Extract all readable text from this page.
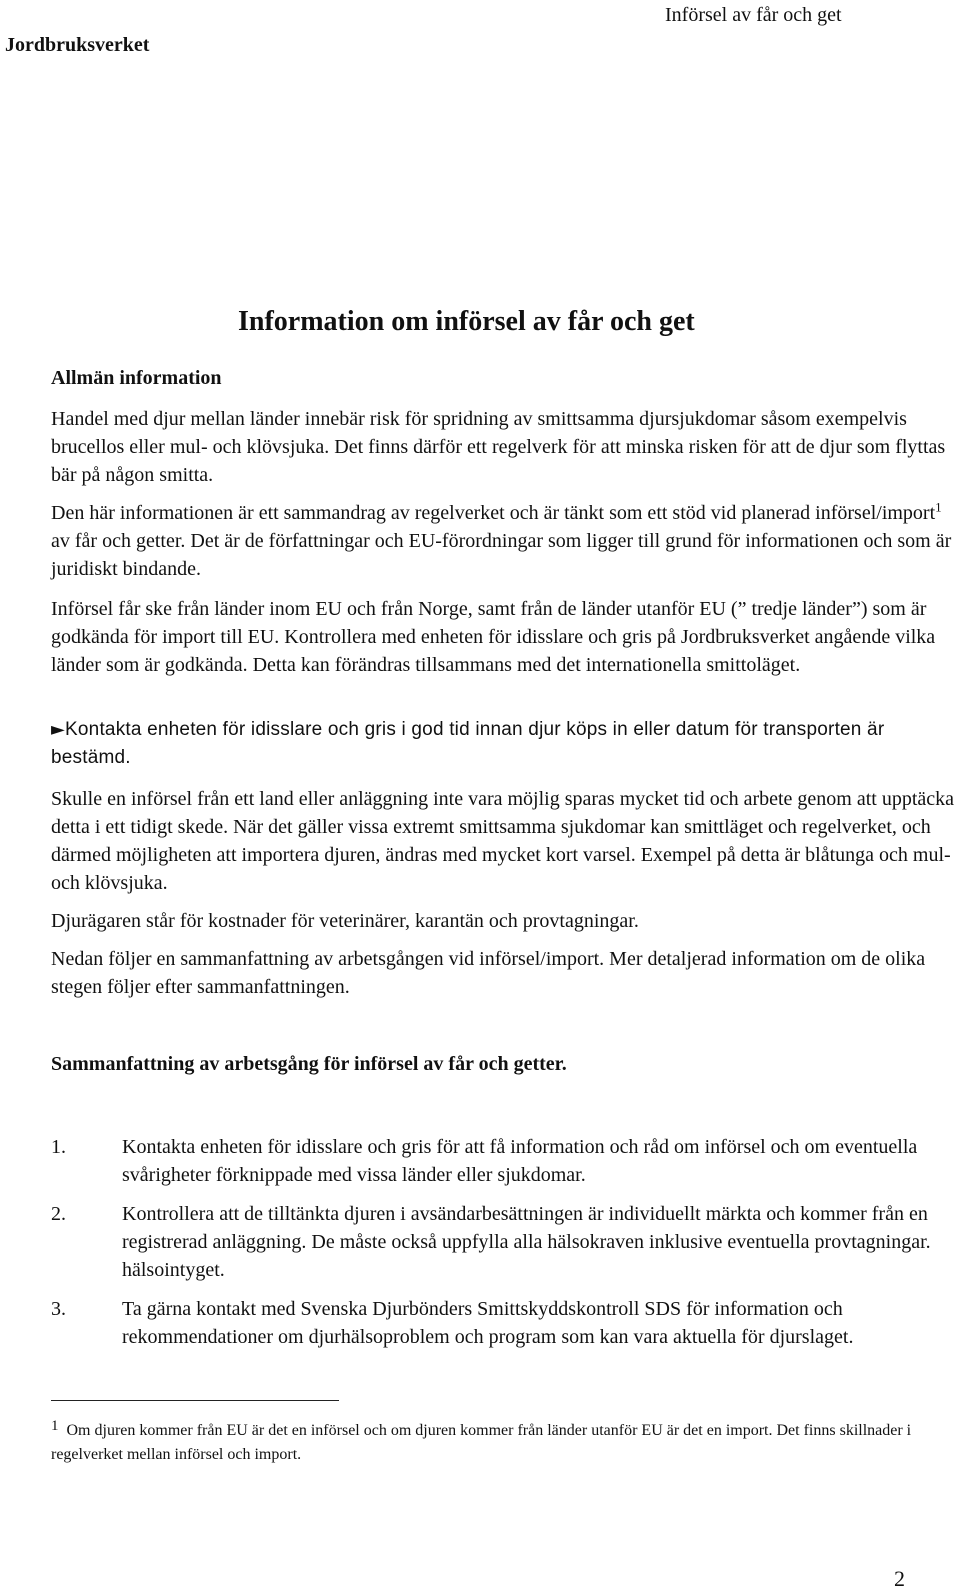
Jordbruksverket
Införsel av får och get
Information om införsel av får och get
Allmän information

Handel med djur mellan länder innebär risk för spridning av smittsamma djursjukdomar såsom exempelvis brucellos eller mul- och klövsjuka. Det finns därför ett regelverk för att minska risken för att de djur som flyttas bär på någon smitta.

Den här informationen är ett sammandrag av regelverket och är tänkt som ett stöd vid planerad införsel/import$^1$ av får och getter. Det är de författningar och EU-förordningar som ligger till grund för informationen och som är juridiskt bindande.

Införsel får ske från länder inom EU och från Norge, samt från de länder utanför EU (” tredje länder”) som är godkända för import till EU. Kontrollera med enheten för idisslare och gris på Jordbruksverket angående vilka länder som är godkända. Detta kan förändras tillsammans med det internationella smittoläget.

►Kontakta enheten för idisslare och gris i god tid innan djur köps in eller datum för transporten är bestämd.

Skulle en införsel från ett land eller anläggning inte vara möjlig sparas mycket tid och arbete genom att upptäcka detta i ett tidigt skede. När det gäller vissa extremt smittsamma sjukdomar kan smittläget och regelverket, och därmed möjligheten att importera djuren, ändras med mycket kort varsel. Exempel på detta är blåtunga och mul- och klövsjuka.

Djurägaren står för kostnader för veterinärer, karantän och provtagningar.

Nedan följer en sammanfattning av arbetsgången vid införsel/import. Mer detaljerad information om de olika stegen följer efter sammanfattningen.

Sammanfattning av arbetsgång för införsel av får och getter.
1.	Kontakta enheten för idisslare och gris för att få information och råd om införsel och om eventuella svårigheter förknippade med vissa länder eller sjukdomar.
2.	Kontrollera att de tilltänkta djuren i avsändarbesättningen är individuellt märkta och kommer från en registrerad anläggning. De måste också uppfylla alla hälsokraven inklusive eventuella provtagningar. hälsointyget.
3.	Ta gärna kontakt med Svenska Djurbönders Smittskyddskontroll SDS för information och rekommendationer om djurhälsoproblem och program som kan vara aktuella för djurslaget.
1 Om djuren kommer från EU är det en införsel och om djuren kommer från länder utanför EU är det en import. Det finns skillnader i regelverket mellan införsel och import.
2
